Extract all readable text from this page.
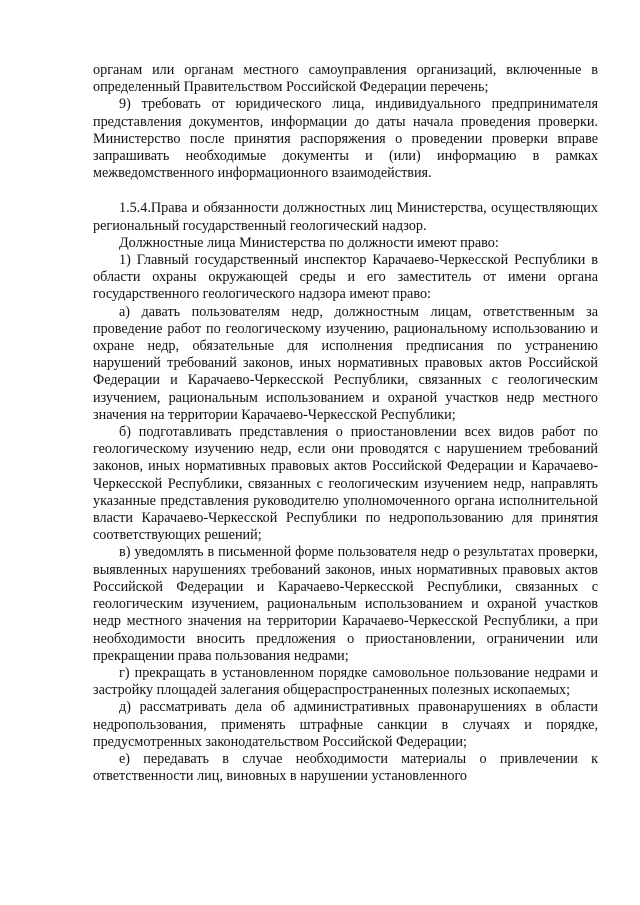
органам или органам местного самоуправления организаций, включенные в определенный Правительством Российской Федерации перечень;

9) требовать от юридического лица, индивидуального предпринимателя представления документов, информации до даты начала проведения проверки. Министерство после принятия распоряжения о проведении проверки вправе запрашивать необходимые документы и (или) информацию в рамках межведомственного информационного взаимодействия.

1.5.4.Права и обязанности должностных лиц Министерства, осуществляющих региональный государственный геологический надзор.

Должностные лица Министерства по должности имеют право:

1) Главный государственный инспектор Карачаево-Черкесской Республики в области охраны окружающей среды и его заместитель от имени органа государственного геологического надзора имеют право:

а) давать пользователям недр, должностным лицам, ответственным за проведение работ по геологическому изучению, рациональному использованию и охране недр, обязательные для исполнения предписания по устранению нарушений требований законов, иных нормативных правовых актов Российской Федерации и Карачаево-Черкесской Республики, связанных с геологическим изучением, рациональным использованием и охраной участков недр местного значения на территории Карачаево-Черкесской Республики;

б) подготавливать представления о приостановлении всех видов работ по геологическому изучению недр, если они проводятся с нарушением требований законов, иных нормативных правовых актов Российской Федерации и Карачаево-Черкесской Республики, связанных с геологическим изучением недр, направлять указанные представления руководителю уполномоченного органа исполнительной власти Карачаево-Черкесской Республики по недропользованию для принятия соответствующих решений;

в) уведомлять в письменной форме пользователя недр о результатах проверки, выявленных нарушениях требований законов, иных нормативных правовых актов Российской Федерации и Карачаево-Черкесской Республики, связанных с геологическим изучением, рациональным использованием и охраной участков недр местного значения на территории Карачаево-Черкесской Республики, а при необходимости вносить предложения о приостановлении, ограничении или прекращении права пользования недрами;

г) прекращать в установленном порядке самовольное пользование недрами и застройку площадей залегания общераспространенных полезных ископаемых;

д) рассматривать дела об административных правонарушениях в области недропользования, применять штрафные санкции в случаях и порядке, предусмотренных законодательством Российской Федерации;

е) передавать в случае необходимости материалы о привлечении к ответственности лиц, виновных в нарушении установленного
